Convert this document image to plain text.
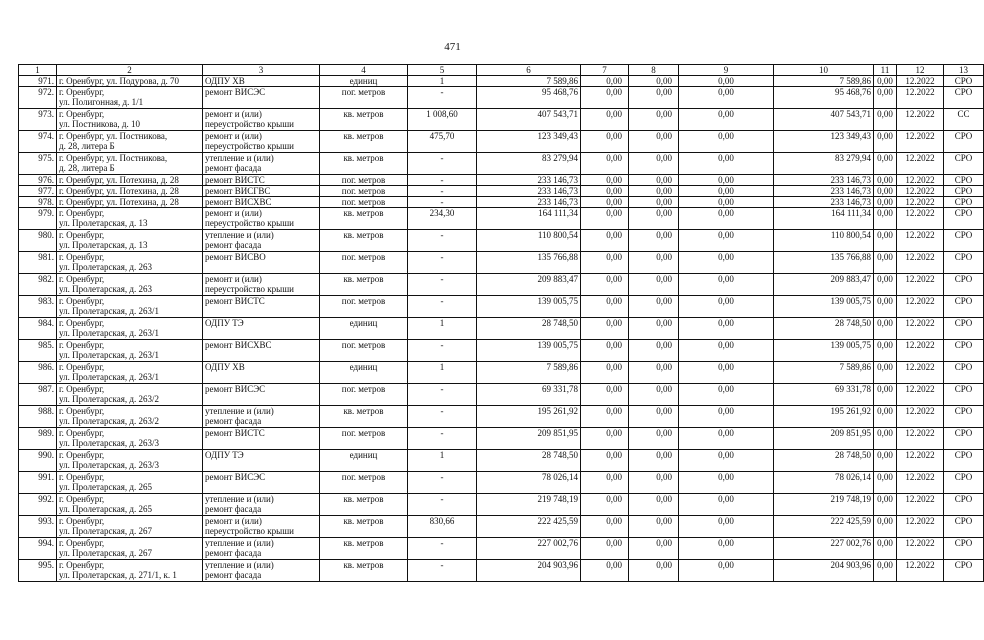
471
1	2	3	4	5	6	7	8	9	10	11	12	13	
971.	г. Оренбург, ул. Подурова, д. 70	ОДПУ ХВ	единиц	1	7 589,86	0,00	0,00	0,00	7 589,86	0,00	12.2022	СРО	
972.	г. Оренбург,
ул. Полигонная, д. 1/1	ремонт ВИСЭС	пог. метров	-	95 468,76	0,00	0,00	0,00	95 468,76	0,00	12.2022	СРО	
973.	г. Оренбург,
ул. Постникова, д. 10	ремонт и (или)
переустройство крыши	кв. метров	1 008,60	407 543,71	0,00	0,00	0,00	407 543,71	0,00	12.2022	СС	
974.	г. Оренбург, ул. Постникова,
д. 28, литера Б	ремонт и (или)
переустройство крыши	кв. метров	475,70	123 349,43	0,00	0,00	0,00	123 349,43	0,00	12.2022	СРО	
975.	г. Оренбург, ул. Постникова,
д. 28, литера Б	утепление и (или)
ремонт фасада	кв. метров	-	83 279,94	0,00	0,00	0,00	83 279,94	0,00	12.2022	СРО	
976.	г. Оренбург, ул. Потехина, д. 28	ремонт ВИСТС	пог. метров	-	233 146,73	0,00	0,00	0,00	233 146,73	0,00	12.2022	СРО	
977.	г. Оренбург, ул. Потехина, д. 28	ремонт ВИСГВС	пог. метров	-	233 146,73	0,00	0,00	0,00	233 146,73	0,00	12.2022	СРО	
978.	г. Оренбург, ул. Потехина, д. 28	ремонт ВИСХВС	пог. метров	-	233 146,73	0,00	0,00	0,00	233 146,73	0,00	12.2022	СРО	
979.	г. Оренбург,
ул. Пролетарская, д. 13	ремонт и (или)
переустройство крыши	кв. метров	234,30	164 111,34	0,00	0,00	0,00	164 111,34	0,00	12.2022	СРО	
980.	г. Оренбург,
ул. Пролетарская, д. 13	утепление и (или)
ремонт фасада	кв. метров	-	110 800,54	0,00	0,00	0,00	110 800,54	0,00	12.2022	СРО	
981.	г. Оренбург,
ул. Пролетарская, д. 263	ремонт ВИСВО	пог. метров	-	135 766,88	0,00	0,00	0,00	135 766,88	0,00	12.2022	СРО	
982.	г. Оренбург,
ул. Пролетарская, д. 263	ремонт и (или)
переустройство крыши	кв. метров	-	209 883,47	0,00	0,00	0,00	209 883,47	0,00	12.2022	СРО	
983.	г. Оренбург,
ул. Пролетарская, д. 263/1	ремонт ВИСТС	пог. метров	-	139 005,75	0,00	0,00	0,00	139 005,75	0,00	12.2022	СРО	
984.	г. Оренбург,
ул. Пролетарская, д. 263/1	ОДПУ ТЭ	единиц	1	28 748,50	0,00	0,00	0,00	28 748,50	0,00	12.2022	СРО	
985.	г. Оренбург,
ул. Пролетарская, д. 263/1	ремонт ВИСХВС	пог. метров	-	139 005,75	0,00	0,00	0,00	139 005,75	0,00	12.2022	СРО	
986.	г. Оренбург,
ул. Пролетарская, д. 263/1	ОДПУ ХВ	единиц	1	7 589,86	0,00	0,00	0,00	7 589,86	0,00	12.2022	СРО	
987.	г. Оренбург,
ул. Пролетарская, д. 263/2	ремонт ВИСЭС	пог. метров	-	69 331,78	0,00	0,00	0,00	69 331,78	0,00	12.2022	СРО	
988.	г. Оренбург,
ул. Пролетарская, д. 263/2	утепление и (или)
ремонт фасада	кв. метров	-	195 261,92	0,00	0,00	0,00	195 261,92	0,00	12.2022	СРО	
989.	г. Оренбург,
ул. Пролетарская, д. 263/3	ремонт ВИСТС	пог. метров	-	209 851,95	0,00	0,00	0,00	209 851,95	0,00	12.2022	СРО	
990.	г. Оренбург,
ул. Пролетарская, д. 263/3	ОДПУ ТЭ	единиц	1	28 748,50	0,00	0,00	0,00	28 748,50	0,00	12.2022	СРО	
991.	г. Оренбург,
ул. Пролетарская, д. 265	ремонт ВИСЭС	пог. метров	-	78 026,14	0,00	0,00	0,00	78 026,14	0,00	12.2022	СРО	
992.	г. Оренбург,
ул. Пролетарская, д. 265	утепление и (или)
ремонт фасада	кв. метров	-	219 748,19	0,00	0,00	0,00	219 748,19	0,00	12.2022	СРО	
993.	г. Оренбург,
ул. Пролетарская, д. 267	ремонт и (или)
переустройство крыши	кв. метров	830,66	222 425,59	0,00	0,00	0,00	222 425,59	0,00	12.2022	СРО	
994.	г. Оренбург,
ул. Пролетарская, д. 267	утепление и (или)
ремонт фасада	кв. метров	-	227 002,76	0,00	0,00	0,00	227 002,76	0,00	12.2022	СРО	
995.	г. Оренбург,
ул. Пролетарская, д. 271/1, к. 1	утепление и (или)
ремонт фасада	кв. метров	-	204 903,96	0,00	0,00	0,00	204 903,96	0,00	12.2022	СРО	
